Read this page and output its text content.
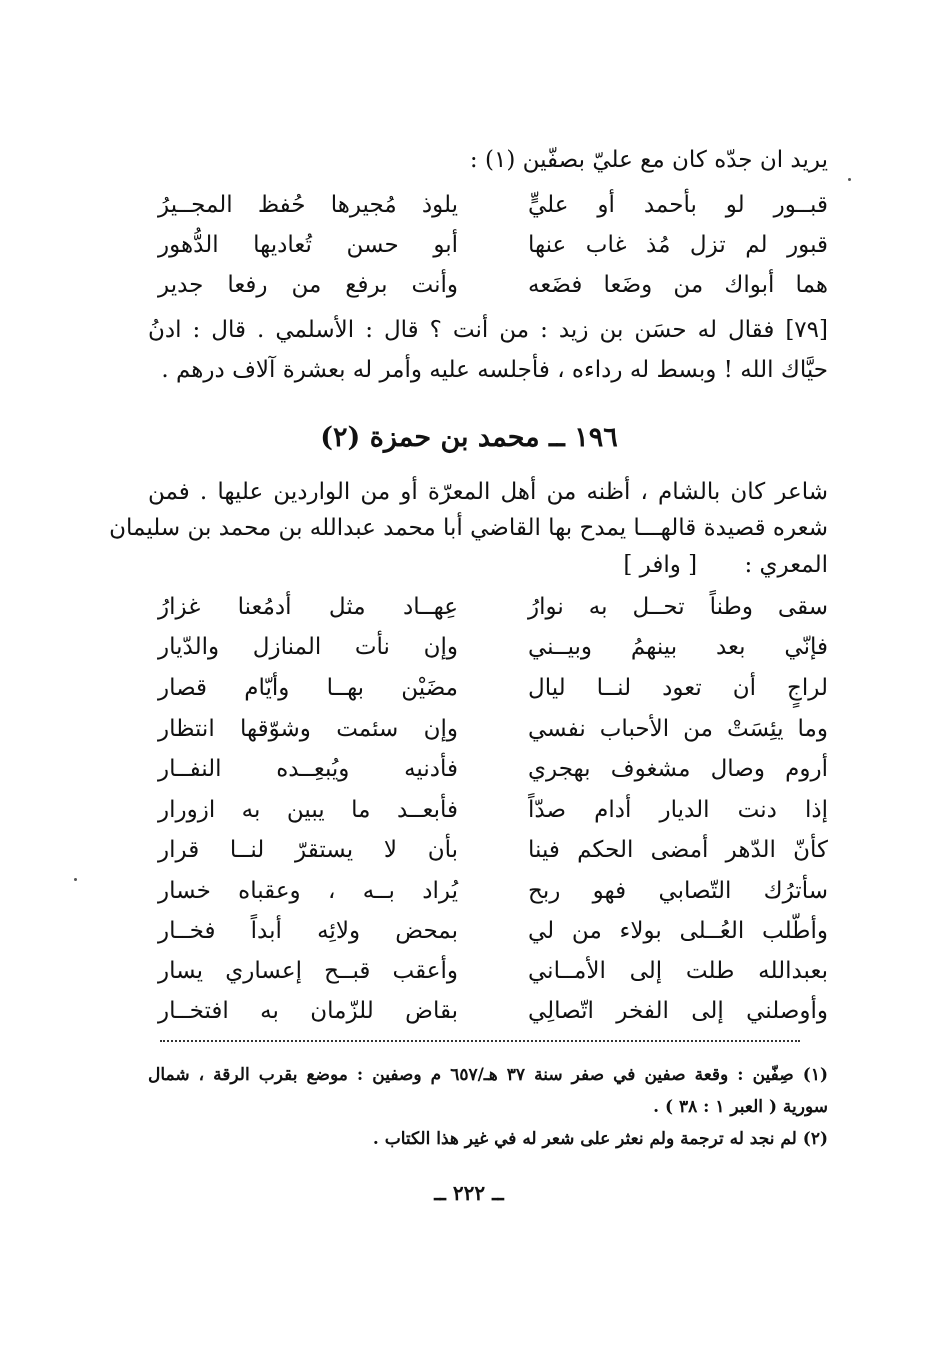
يريد ان جدّه كان مع عليّ بصفّين (١) :
قبــور لو بأحمد أو عليٍّ
يلوذ مُجيرها حُفظ المجــيرُ
قبور لم تزل مُذ غاب عنها
أبو حسن تُعاديها الدُّهور
هما أبواك من وضَعا فضَعه
وأنت برفع من رفعا جدير
[٧٩] فقال له حسَن بن زيد : من أنت ؟ قال : الأسلمي . قال : ادنُ
حيَّاك الله ! وبسط له رداءه ، فأجلسه عليه وأمر له بعشرة آلاف درهم .
١٩٦ ــ محمد بن حمزة (٢)
شاعر كان بالشام ، أظنه من أهل المعرّة أو من الواردين عليها . فمن
شعره قصيدة قالهـــا يمدح بها القاضي أبا محمد عبدالله بن محمد بن سليمان
المعري : [ وافر ]
سقى وطناً تحــل به نوارُ
عِهــاد مثل أدمُعنا غزارُ
فإنّي بعد بينهمُ وبيــني
وإن نأت المنازل والدّيار
لراجٍ أن تعود لنــا ليال
مضَيْن بهــا وأيّام قصار
وما يئِسَتْ من الأحباب نفسي
وإن سئمت وشوّقها انتظار
أروم وصال مشغوف بهجري
فأدنيه ويُبعِــده النفــار
إذا دنت الديار أدام صدّاً
فأبعــد ما يبين به ازورار
كأنّ الدّهر أمضى الحكم فينا
بأن لا يستقرّ لنــا قرار
سأترُك التّصابي فهو ربح
يُراد بــه ، وعقباه خسار
وأطّلب العُــلى بولاء من لي
بمحض ولائِه أبداً فخــار
بعبدالله طلت إلى الأمــاني
وأعقب قبــح إعساري يسار
وأوصلني إلى الفخر اتّصالِي
بقاض للزّمان به افتخــار
(١) صِفّين : وقعة صفين في صفر سنة ٣٧ هـ/٦٥٧ م وصفين : موضع بقرب الرقة ، شمال
سورية ( العبر ١ : ٣٨ ) .
(٢) لم نجد له ترجمة ولم نعثر على شعر له في غير هذا الكتاب .
ــ ٢٢٢ ــ
